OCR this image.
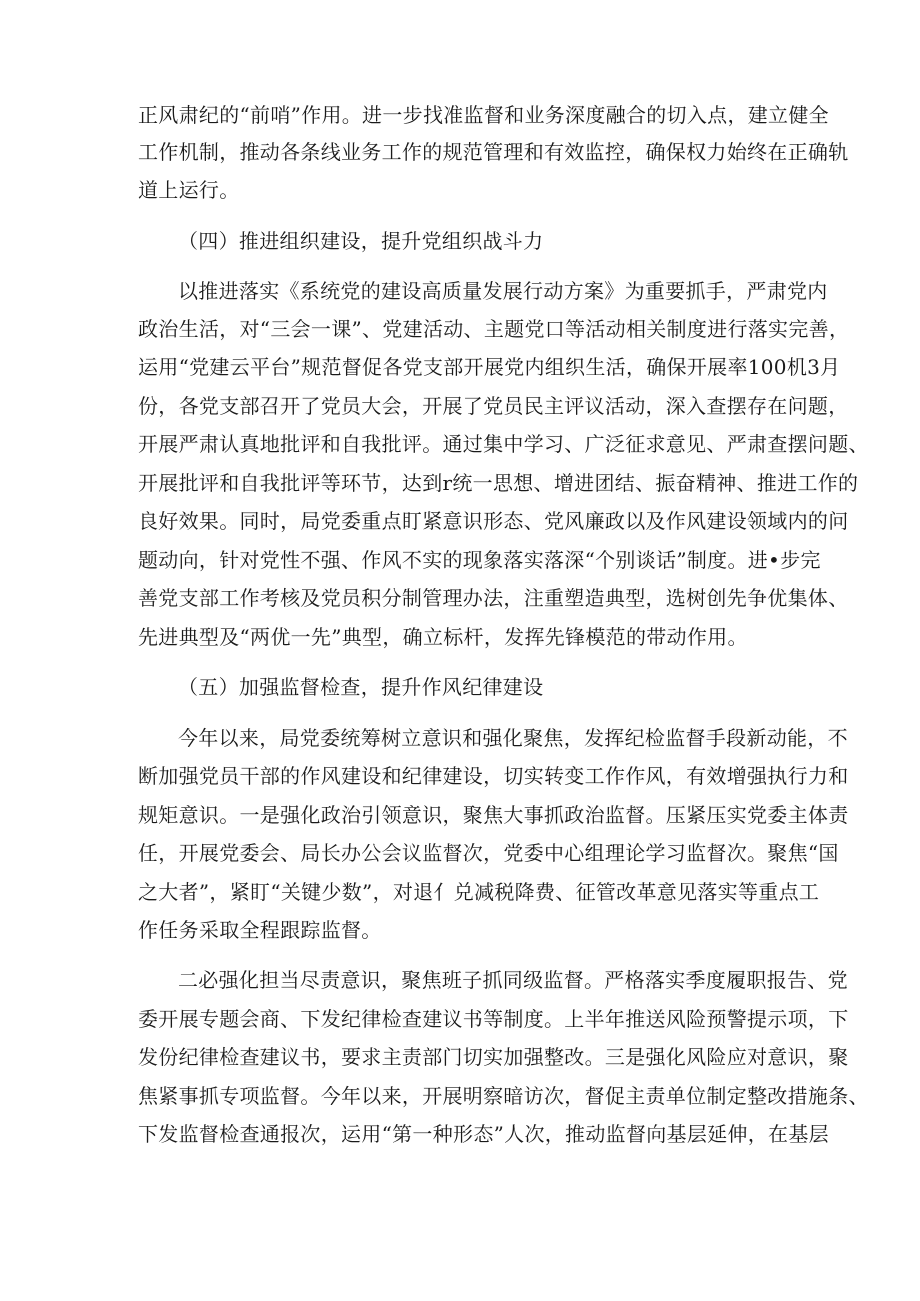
正风肃纪的“前哨”作用。进一步找准监督和业务深度融合的切入点，建立健全
工作机制，推动各条线业务工作的规范管理和有效监控，确保权力始终在正确轨
道上运行。
（四）推进组织建设，提升党组织战斗力
以推进落实《系统党的建设高质量发展行动方案》为重要抓手，严肃党内
政治生活，对“三会一课”、党建活动、主题党口等活动相关制度进行落实完善，
运用“党建云平台”规范督促各党支部开展党内组织生活，确保开展率100机3月
份，各党支部召开了党员大会，开展了党员民主评议活动，深入查摆存在问题，
开展严肃认真地批评和自我批评。通过集中学习、广泛征求意见、严肃查摆问题、
开展批评和自我批评等环节，达到r统一思想、增进团结、振奋精神、推进工作的
良好效果。同时，局党委重点盯紧意识形态、党风廉政以及作风建设领域内的问
题动向，针对党性不强、作风不实的现象落实落深“个别谈话”制度。进•步完
善党支部工作考核及党员积分制管理办法，注重塑造典型，选树创先争优集体、
先进典型及“两优一先”典型，确立标杆，发挥先锋模范的带动作用。
（五）加强监督检查，提升作风纪律建设
今年以来，局党委统筹树立意识和强化聚焦，发挥纪检监督手段新动能，不
断加强党员干部的作风建设和纪律建设，切实转变工作作风，有效增强执行力和
规矩意识。一是强化政治引领意识，聚焦大事抓政治监督。压紧压实党委主体责
任，开展党委会、局长办公会议监督次，党委中心组理论学习监督次。聚焦“国
之大者”，紧盯“关键少数”，对退亻兑减税降费、征管改革意见落实等重点工
作任务采取全程跟踪监督。
二必强化担当尽责意识，聚焦班子抓同级监督。严格落实季度履职报告、党
委开展专题会商、下发纪律检查建议书等制度。上半年推送风险预警提示项，下
发份纪律检查建议书，要求主责部门切实加强整改。三是强化风险应对意识，聚
焦紧事抓专项监督。今年以来，开展明察暗访次，督促主责单位制定整改措施条、
下发监督检查通报次，运用“第一种形态”人次，推动监督向基层延伸，在基层
